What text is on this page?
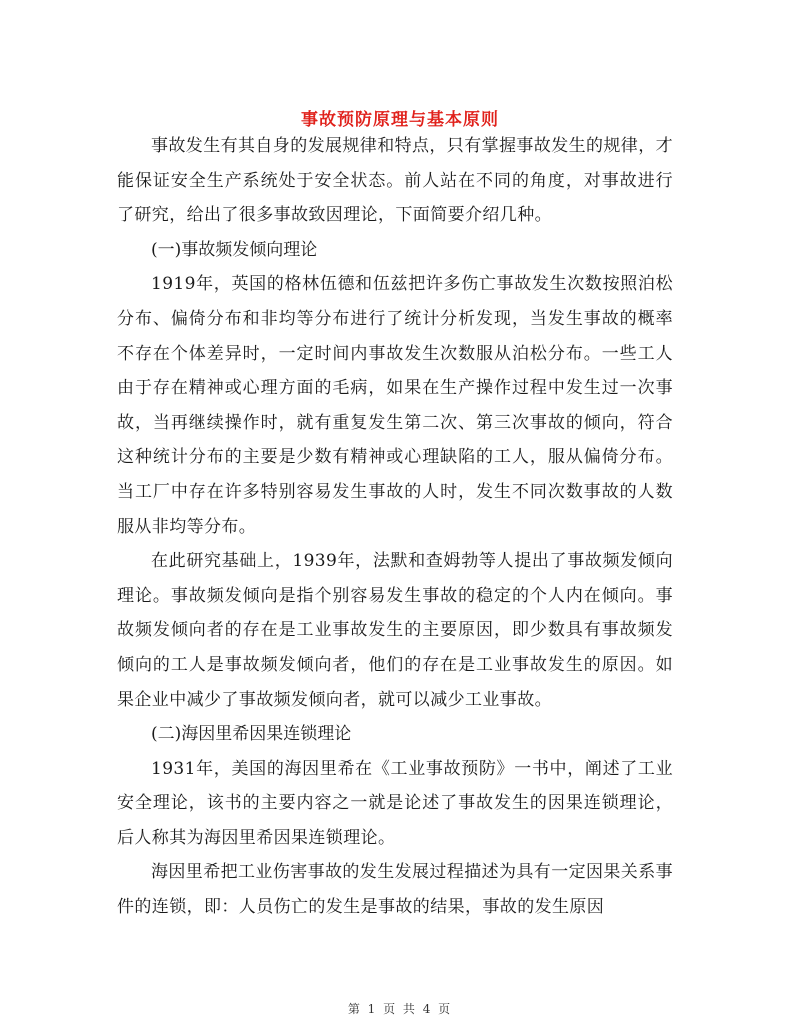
事故预防原理与基本原则

事故发生有其自身的发展规律和特点，只有掌握事故发生的规律，才能保证安全生产系统处于安全状态。前人站在不同的角度，对事故进行了研究，给出了很多事故致因理论，下面简要介绍几种。

(一)事故频发倾向理论

1919年，英国的格林伍德和伍兹把许多伤亡事故发生次数按照泊松分布、偏倚分布和非均等分布进行了统计分析发现，当发生事故的概率不存在个体差异时，一定时间内事故发生次数服从泊松分布。一些工人由于存在精神或心理方面的毛病，如果在生产操作过程中发生过一次事故，当再继续操作时，就有重复发生第二次、第三次事故的倾向，符合这种统计分布的主要是少数有精神或心理缺陷的工人，服从偏倚分布。当工厂中存在许多特别容易发生事故的人时，发生不同次数事故的人数服从非均等分布。

在此研究基础上，1939年，法默和查姆勃等人提出了事故频发倾向理论。事故频发倾向是指个别容易发生事故的稳定的个人内在倾向。事故频发倾向者的存在是工业事故发生的主要原因，即少数具有事故频发倾向的工人是事故频发倾向者，他们的存在是工业事故发生的原因。如果企业中减少了事故频发倾向者，就可以减少工业事故。

(二)海因里希因果连锁理论

1931年，美国的海因里希在《工业事故预防》一书中，阐述了工业安全理论，该书的主要内容之一就是论述了事故发生的因果连锁理论，后人称其为海因里希因果连锁理论。

海因里希把工业伤害事故的发生发展过程描述为具有一定因果关系事件的连锁，即：人员伤亡的发生是事故的结果，事故的发生原因

第 1 页 共 4 页
